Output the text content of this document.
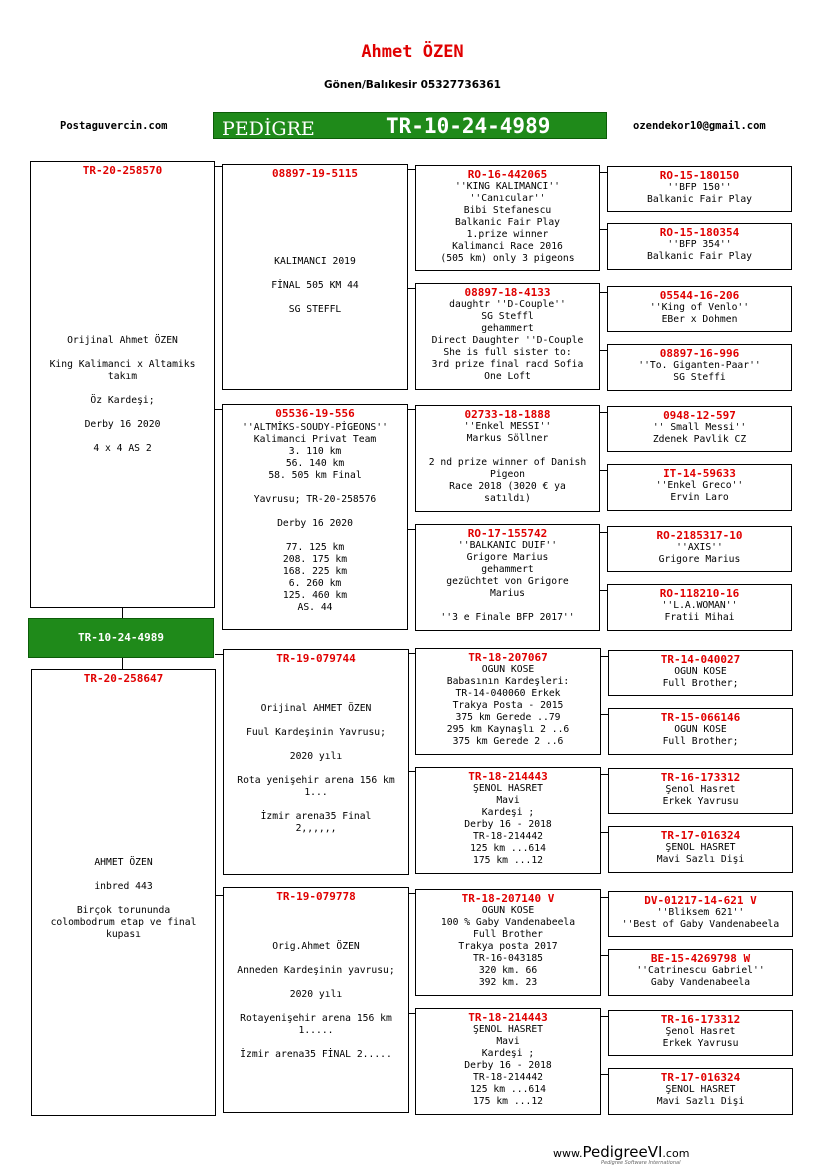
Ahmet ÖZEN
Gönen/Balıkesir 05327736361
Postaguvercin.com	ozendekor10@gmail.com
PEDİGRE	TR-10-24-4989
TR-20-258570
Orijinal Ahmet ÖZEN

King Kalimanci x Altamiks
takım

Öz Kardeşi;

Derby 16 2020

4 x 4 AS 2
TR-10-24-4989
TR-20-258647
AHMET ÖZEN

inbred 443

Birçok torununda
colombodrum etap ve final
kupası
08897-19-5115
KALIMANCI 2019

FİNAL 505 KM 44

SG STEFFL
05536-19-556
''ALTMİKS-SOUDY-PİGEONS''
Kalimanci Privat Team
3. 110 km
56. 140 km
58. 505 km Final

Yavrusu; TR-20-258576

Derby 16 2020

77. 125 km
208. 175 km
168. 225 km
6. 260 km
125. 460 km
AS. 44
TR-19-079744
Orijinal AHMET ÖZEN

Fuul Kardeşinin Yavrusu;

2020 yılı

Rota yenişehir arena 156 km
1...

İzmir arena35 Final
2,,,,,,
TR-19-079778
Orig.Ahmet ÖZEN

Anneden Kardeşinin yavrusu;

2020 yılı

Rotayenişehir arena 156 km
1.....

İzmir arena35 FİNAL 2.....
RO-16-442065
''KING KALIMANCI''
''Canıcular''
Bibi Stefanescu
Balkanic Fair Play
1.prize winner
Kalimanci Race 2016
(505 km) only 3 pigeons
08897-18-4133
daughtr ''D-Couple''
SG Steffl
gehammert
Direct Daughter ''D-Couple
She is full sister to:
3rd prize final racd Sofia
One Loft
02733-18-1888
''Enkel MESSI''
Markus Söllner

2 nd prize winner of Danish
Pigeon
Race 2018 (3020 € ya
satıldı)
RO-17-155742
''BALKANIC DUIF''
Grigore Marius
gehammert
gezüchtet von Grigore
Marius

''3 e Finale BFP 2017''
TR-18-207067
OGUN KOSE
Babasının Kardeşleri:
TR-14-040060 Erkek
Trakya Posta - 2015
375 km Gerede ..79
295 km Kaynaşlı 2 ..6
375 km Gerede 2 ..6
TR-18-214443
ŞENOL HASRET
Mavi
Kardeşi ;
Derby 16 - 2018
TR-18-214442
125 km ...614
175 km ...12
TR-18-207140 V
OGUN KOSE
100 % Gaby Vandenabeela
Full Brother
Trakya posta 2017
TR-16-043185
320 km. 66
392 km. 23
TR-18-214443
ŞENOL HASRET
Mavi
Kardeşi ;
Derby 16 - 2018
TR-18-214442
125 km ...614
175 km ...12
RO-15-180150
''BFP 150''
Balkanic Fair Play
RO-15-180354
''BFP 354''
Balkanic Fair Play
05544-16-206
''King of Venlo''
EBer x Dohmen
08897-16-996
''To. Giganten-Paar''
SG Steffi
0948-12-597
'' Small Messi''
Zdenek Pavlik CZ
IT-14-59633
''Enkel Greco''
Ervin Laro
RO-2185317-10
''AXIS''
Grigore Marius
RO-118210-16
''L.A.WOMAN''
Fratii Mihai
TR-14-040027
OGUN KOSE
Full Brother;
TR-15-066146
OGUN KOSE
Full Brother;
TR-16-173312
Şenol Hasret
Erkek Yavrusu
TR-17-016324
ŞENOL HASRET
Mavi Sazlı Dişi
DV-01217-14-621 V
''Bliksem 621''
''Best of Gaby Vandenabeela
BE-15-4269798 W
''Catrinescu Gabriel''
Gaby Vandenabeela
TR-16-173312
Şenol Hasret
Erkek Yavrusu
TR-17-016324
ŞENOL HASRET
Mavi Sazlı Dişi
www.PedigreeVI.com
Pedigree Software International
